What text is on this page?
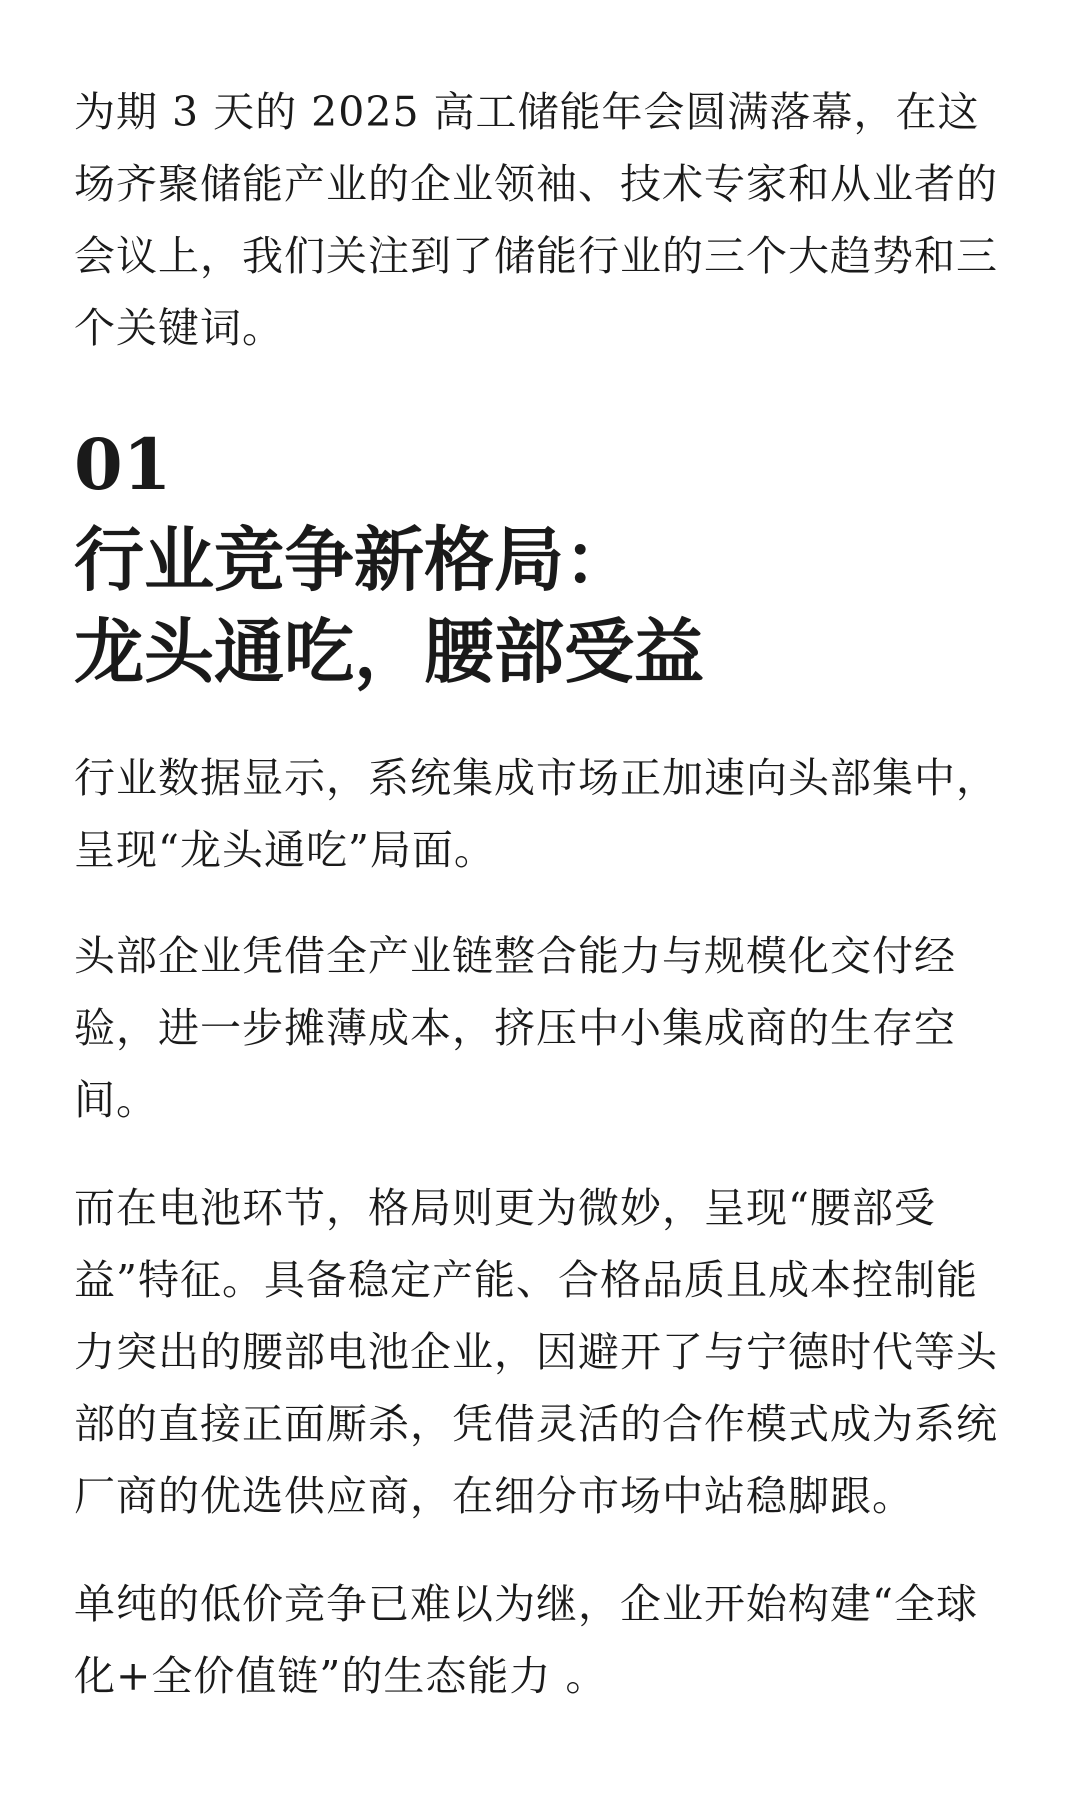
为期 3 天的 2025 高工储能年会圆满落幕，在这场齐聚储能产业的企业领袖、技术专家和从业者的会议上，我们关注到了储能行业的三个大趋势和三个关键词。

01
行业竞争新格局：
龙头通吃，腰部受益

行业数据显示，系统集成市场正加速向头部集中，呈现“龙头通吃”局面。

头部企业凭借全产业链整合能力与规模化交付经验，进一步摊薄成本，挤压中小集成商的生存空间。

而在电池环节，格局则更为微妙，呈现“腰部受益”特征。具备稳定产能、合格品质且成本控制能力突出的腰部电池企业，因避开了与宁德时代等头部的直接正面厮杀，凭借灵活的合作模式成为系统厂商的优选供应商，在细分市场中站稳脚跟。

单纯的低价竞争已难以为继，企业开始构建“全球化+全价值链”的生态能力 。
